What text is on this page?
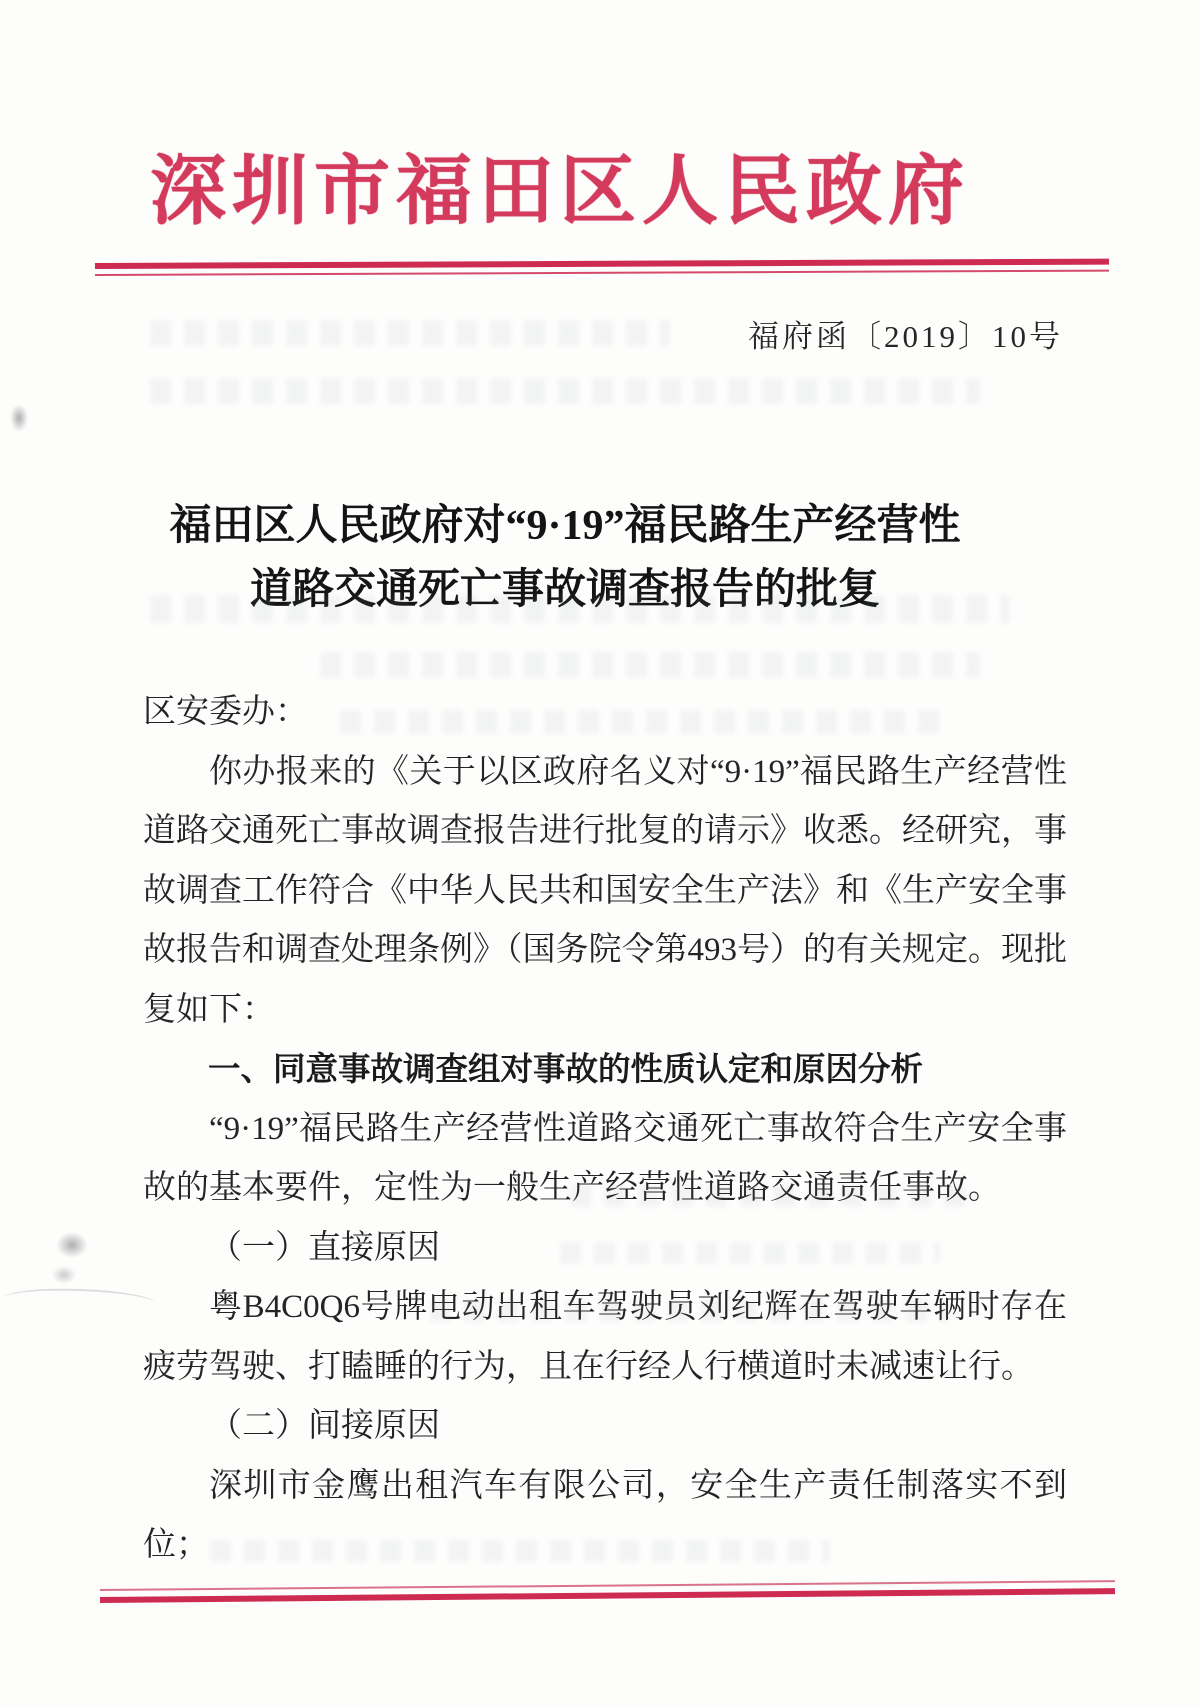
深圳市福田区人民政府
福府函〔2019〕10号
福田区人民政府对“9·19”福民路生产经营性
道路交通死亡事故调查报告的批复

区安委办：

你办报来的《关于以区政府名义对“9·19”福民路生产经营性道路交通死亡事故调查报告进行批复的请示》收悉。经研究，事故调查工作符合《中华人民共和国安全生产法》和《生产安全事故报告和调查处理条例》（国务院令第493号）的有关规定。现批复如下：

一、同意事故调查组对事故的性质认定和原因分析

“9·19”福民路生产经营性道路交通死亡事故符合生产安全事故的基本要件，定性为一般生产经营性道路交通责任事故。

（一）直接原因

粤B4C0Q6号牌电动出租车驾驶员刘纪辉在驾驶车辆时存在疲劳驾驶、打瞌睡的行为，且在行经人行横道时未减速让行。

（二）间接原因

深圳市金鹰出租汽车有限公司，安全生产责任制落实不到位；
